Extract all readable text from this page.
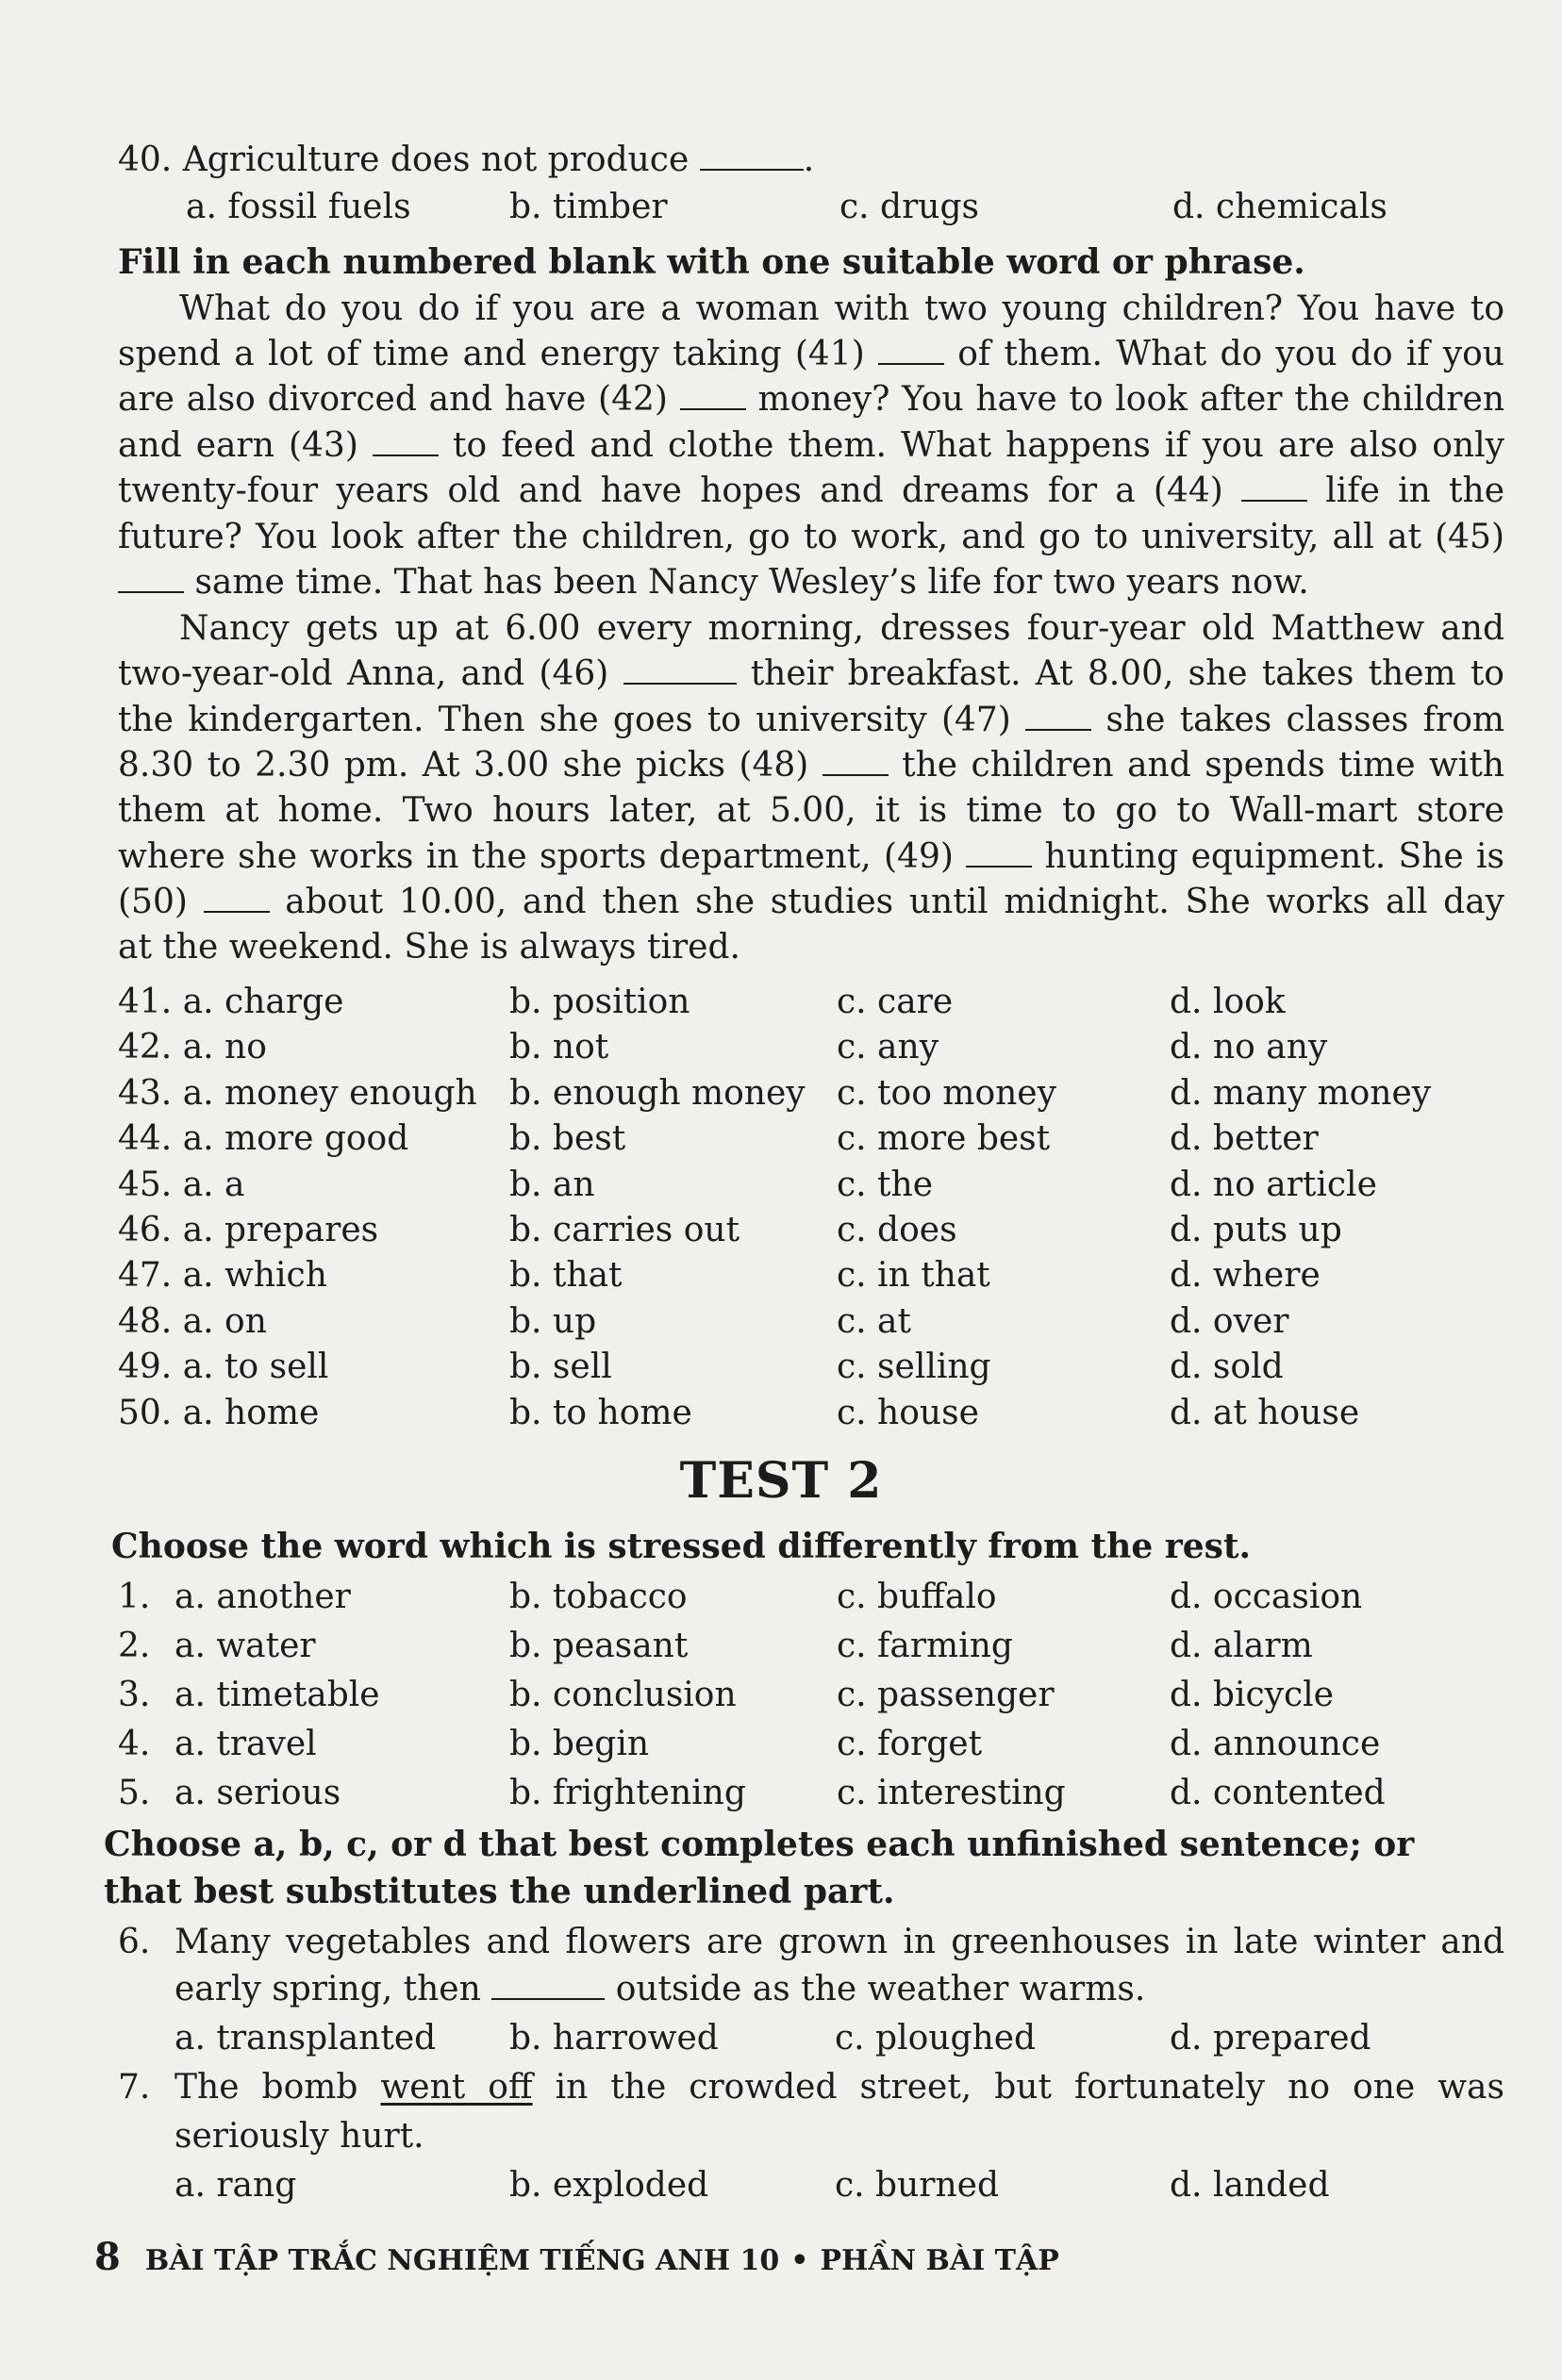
40. Agriculture does not produce	.
a. fossil fuels	b. timber	c. drugs	d. chemicals
Fill in each numbered blank with one suitable word or phrase.
What do you do if you are a woman with two young children? You have to
spend a lot of time and energy taking (41)	of them. What do you do if you
are also divorced and have (42)	money? You have to look after the children
and earn (43)	to feed and clothe them. What happens if you are also only
twenty-four years old and have hopes and dreams for a (44)	life in the
future? You look after the children, go to work, and go to university, all at (45)
same time. That has been Nancy Wesley’s life for two years now.
Nancy gets up at 6.00 every morning, dresses four-year old Matthew and
two-year-old Anna, and (46)	their breakfast. At 8.00, she takes them to
the kindergarten. Then she goes to university (47)	she takes classes from
8.30 to 2.30 pm. At 3.00 she picks (48)	the children and spends time with
them at home. Two hours later, at 5.00, it is time to go to Wall-mart store
where she works in the sports department, (49)	hunting equipment. She is
(50)	about 10.00, and then she studies until midnight. She works all day
at the weekend. She is always tired.
41. a. charge	b. position	c. care	d. look
42. a. no	b. not	c. any	d. no any
43. a. money enough b. enough money c. too money	d. many money
44. a. more good	b. best	c. more best	d. better
45. a. a	b. an	c. the	d. no article
46. a. prepares	b. carries out	c. does	d. puts up
47. a. which	b. that	c. in that	d. where
48. a. on	b. up	c. at	d. over
49. a. to sell	b. sell	c. selling	d. sold
50. a. home	b. to home	c. house	d. at house
TEST 2
Choose the word which is stressed differently from the rest.
1. a. another	b. tobacco	c. buffalo	d. occasion
2. a. water	b. peasant	c. farming	d. alarm
3. a. timetable	b. conclusion	c. passenger	d. bicycle
4. a. travel	b. begin	c. forget	d. announce
5. a. serious	b. frightening	c. interesting	d. contented
Choose a, b, c, or d that best completes each unfinished sentence; or
that best substitutes the underlined part.
6. Many vegetables and flowers are grown in greenhouses in late winter and
early spring, then	outside as the weather warms.
a. transplanted b. harrowed	c. ploughed	d. prepared
7. The bomb went off in the crowded street, but fortunately no one was
seriously hurt.
a. rang	b. exploded	c. burned	d. landed
8 BÀI TẬP TRẮC NGHIỆM TIẾNG ANH 10 • PHẦN BÀI TẬP
